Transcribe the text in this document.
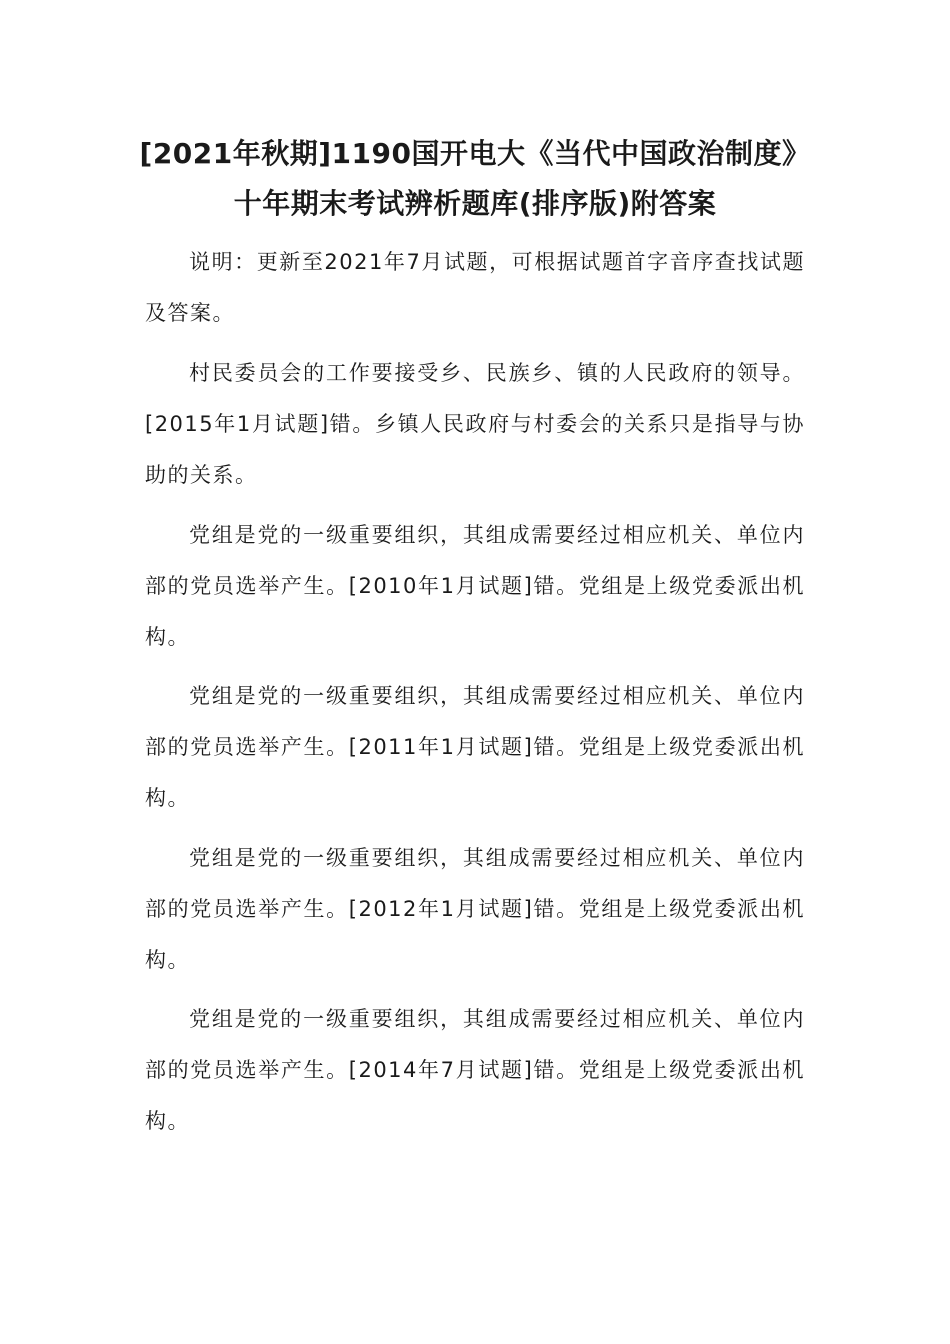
[2021年秋期]1190国开电大《当代中国政治制度》
十年期末考试辨析题库(排序版)附答案

说明：更新至2021年7月试题，可根据试题首字音序查找试题及答案。

村民委员会的工作要接受乡、民族乡、镇的人民政府的领导。[2015年1月试题]错。乡镇人民政府与村委会的关系只是指导与协助的关系。

党组是党的一级重要组织，其组成需要经过相应机关、单位内部的党员选举产生。[2010年1月试题]错。党组是上级党委派出机构。

党组是党的一级重要组织，其组成需要经过相应机关、单位内部的党员选举产生。[2011年1月试题]错。党组是上级党委派出机构。

党组是党的一级重要组织，其组成需要经过相应机关、单位内部的党员选举产生。[2012年1月试题]错。党组是上级党委派出机构。

党组是党的一级重要组织，其组成需要经过相应机关、单位内部的党员选举产生。[2014年7月试题]错。党组是上级党委派出机构。
